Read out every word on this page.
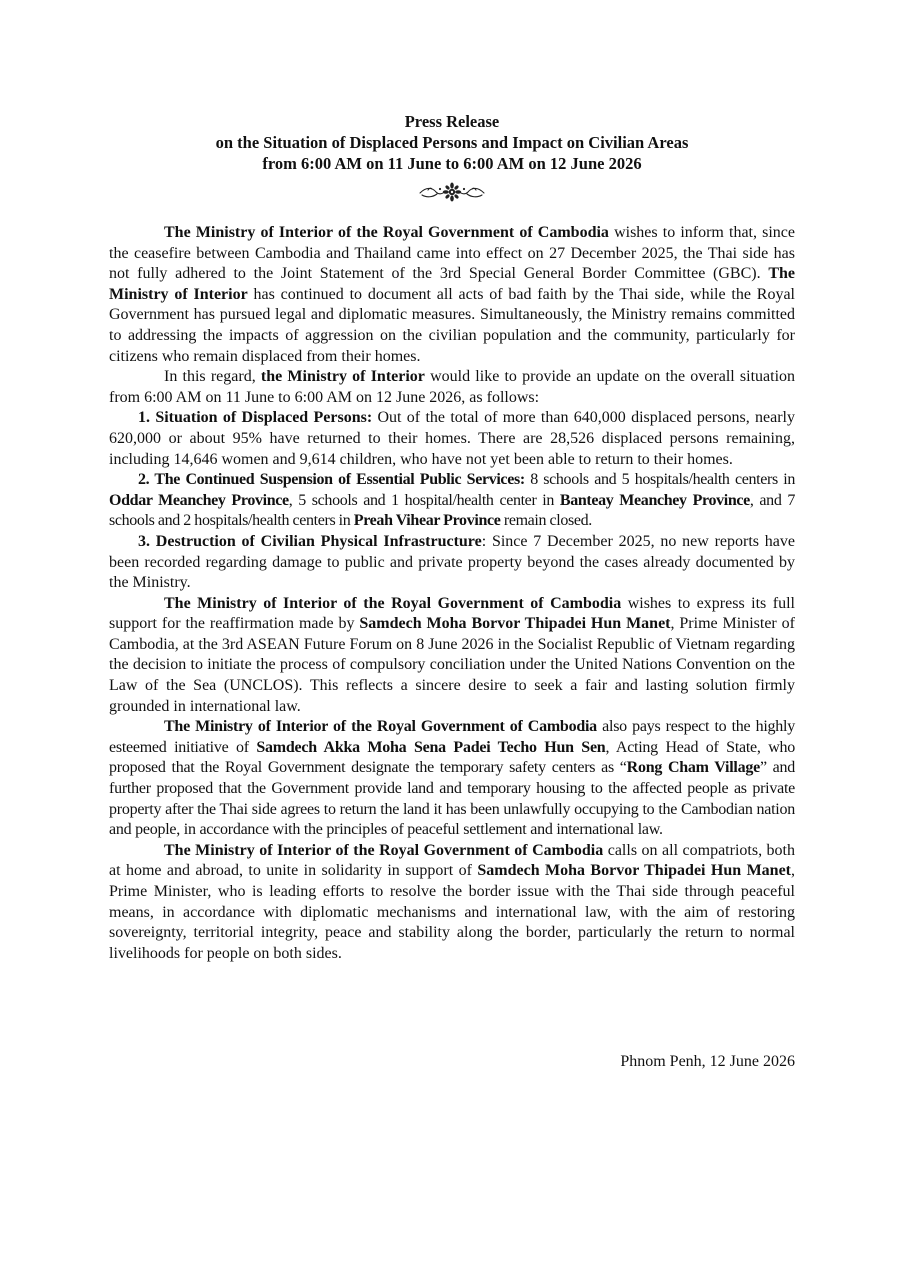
Press Release
on the Situation of Displaced Persons and Impact on Civilian Areas
from 6:00 AM on 11 June to 6:00 AM on 12 June 2026

The Ministry of Interior of the Royal Government of Cambodia wishes to inform that, since the ceasefire between Cambodia and Thailand came into effect on 27 December 2025, the Thai side has not fully adhered to the Joint Statement of the 3rd Special General Border Committee (GBC). The Ministry of Interior has continued to document all acts of bad faith by the Thai side, while the Royal Government has pursued legal and diplomatic measures. Simultaneously, the Ministry remains committed to addressing the impacts of aggression on the civilian population and the community, particularly for citizens who remain displaced from their homes.

In this regard, the Ministry of Interior would like to provide an update on the overall situation from 6:00 AM on 11 June to 6:00 AM on 12 June 2026, as follows:

1. Situation of Displaced Persons: Out of the total of more than 640,000 displaced persons, nearly 620,000 or about 95% have returned to their homes. There are 28,526 displaced persons remaining, including 14,646 women and 9,614 children, who have not yet been able to return to their homes.

2. The Continued Suspension of Essential Public Services: 8 schools and 5 hospitals/health centers in Oddar Meanchey Province, 5 schools and 1 hospital/health center in Banteay Meanchey Province, and 7 schools and 2 hospitals/health centers in Preah Vihear Province remain closed.

3. Destruction of Civilian Physical Infrastructure: Since 7 December 2025, no new reports have been recorded regarding damage to public and private property beyond the cases already documented by the Ministry.

The Ministry of Interior of the Royal Government of Cambodia wishes to express its full support for the reaffirmation made by Samdech Moha Borvor Thipadei Hun Manet, Prime Minister of Cambodia, at the 3rd ASEAN Future Forum on 8 June 2026 in the Socialist Republic of Vietnam regarding the decision to initiate the process of compulsory conciliation under the United Nations Convention on the Law of the Sea (UNCLOS). This reflects a sincere desire to seek a fair and lasting solution firmly grounded in international law.

The Ministry of Interior of the Royal Government of Cambodia also pays respect to the highly esteemed initiative of Samdech Akka Moha Sena Padei Techo Hun Sen, Acting Head of State, who proposed that the Royal Government designate the temporary safety centers as “Rong Cham Village” and further proposed that the Government provide land and temporary housing to the affected people as private property after the Thai side agrees to return the land it has been unlawfully occupying to the Cambodian nation and people, in accordance with the principles of peaceful settlement and international law.

The Ministry of Interior of the Royal Government of Cambodia calls on all compatriots, both at home and abroad, to unite in solidarity in support of Samdech Moha Borvor Thipadei Hun Manet, Prime Minister, who is leading efforts to resolve the border issue with the Thai side through peaceful means, in accordance with diplomatic mechanisms and international law, with the aim of restoring sovereignty, territorial integrity, peace and stability along the border, particularly the return to normal livelihoods for people on both sides.

Phnom Penh, 12 June 2026
